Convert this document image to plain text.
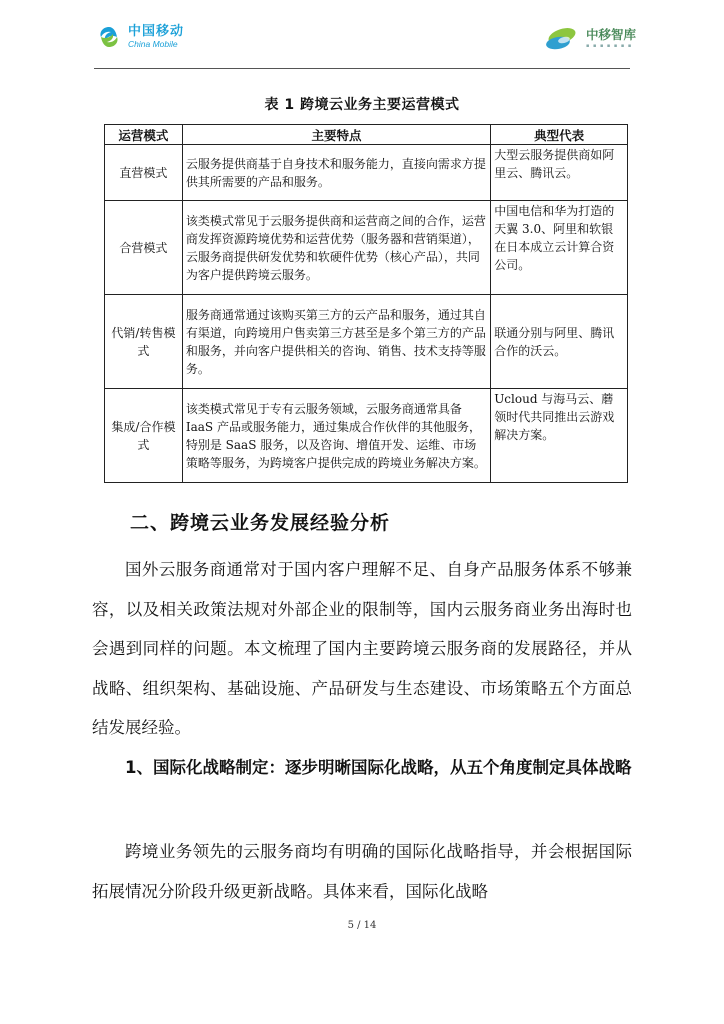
中国移动
China Mobile
中移智库
▪ ▪ ▪ ▪ ▪ ▪ ▪
表 1 跨境云业务主要运营模式
运营模式	主要特点	典型代表
直营模式	云服务提供商基于自身技术和服务能力，直接向需求方提供其所需要的产品和服务。	大型云服务提供商如阿里云、腾讯云。
合营模式	该类模式常见于云服务提供商和运营商之间的合作，运营商发挥资源跨境优势和运营优势（服务器和营销渠道），云服务商提供研发优势和软硬件优势（核心产品），共同为客户提供跨境云服务。	中国电信和华为打造的天翼 3.0、阿里和软银在日本成立云计算合资公司。
代销/转售模式	服务商通常通过该购买第三方的云产品和服务，通过其自有渠道，向跨境用户售卖第三方甚至是多个第三方的产品和服务，并向客户提供相关的咨询、销售、技术支持等服务。	联通分别与阿里、腾讯合作的沃云。
集成/合作模式	该类模式常见于专有云服务领域，云服务商通常具备 IaaS 产品或服务能力，通过集成合作伙伴的其他服务，特别是 SaaS 服务，以及咨询、增值开发、运维、市场策略等服务，为跨境客户提供完成的跨境业务解决方案。	Ucloud 与海马云、蘑领时代共同推出云游戏解决方案。
二、跨境云业务发展经验分析

国外云服务商通常对于国内客户理解不足、自身产品服务体系不够兼容，以及相关政策法规对外部企业的限制等，国内云服务商业务出海时也会遇到同样的问题。本文梳理了国内主要跨境云服务商的发展路径，并从战略、组织架构、基础设施、产品研发与生态建设、市场策略五个方面总结发展经验。

1、国际化战略制定：逐步明晰国际化战略，从五个角度制定具体战略

跨境业务领先的云服务商均有明确的国际化战略指导，并会根据国际拓展情况分阶段升级更新战略。具体来看，国际化战略

5 / 14
